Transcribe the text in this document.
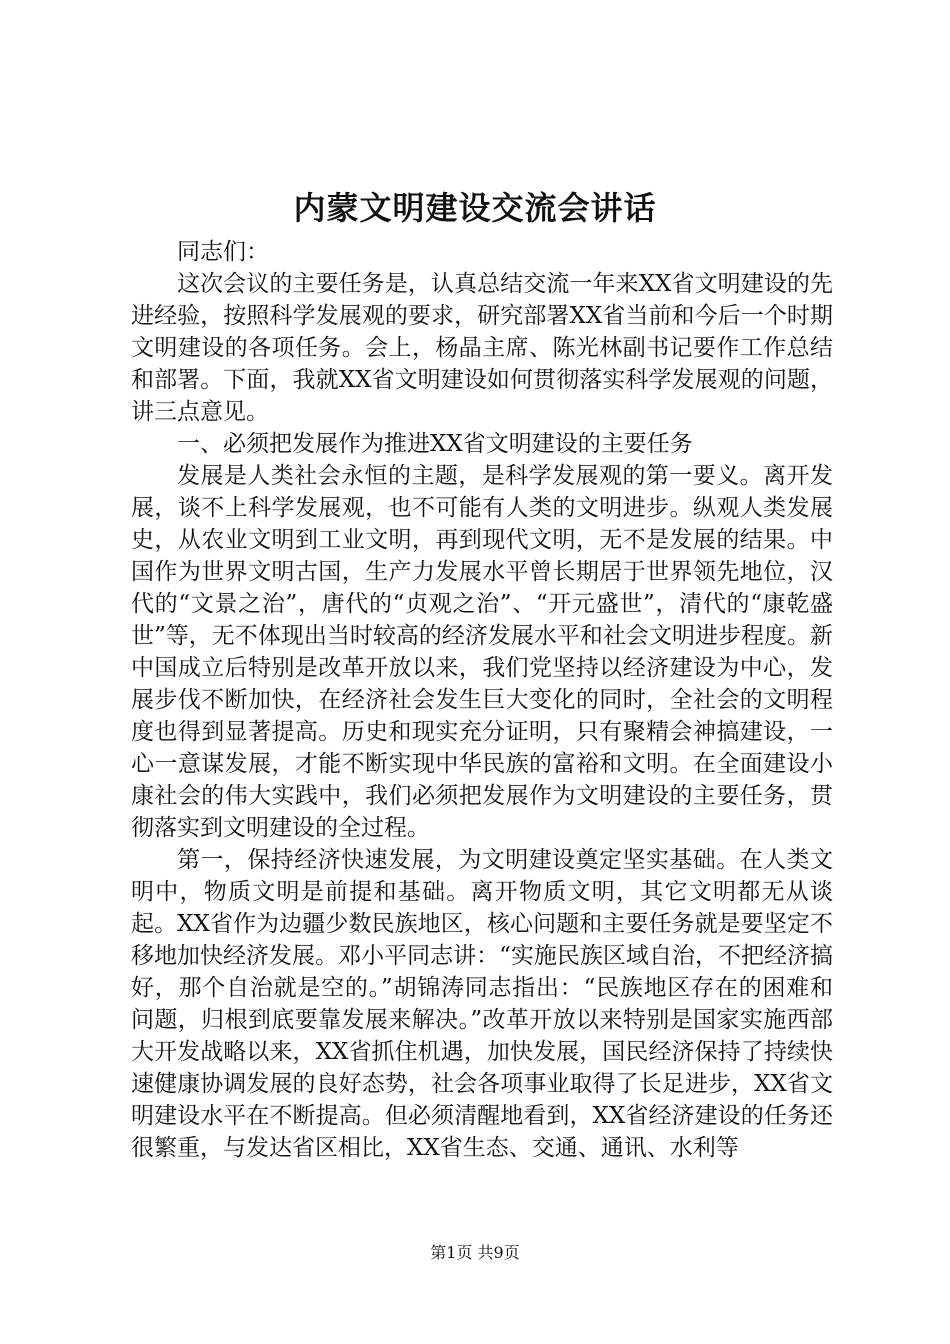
内蒙文明建设交流会讲话

同志们：

这次会议的主要任务是，认真总结交流一年来XX省文明建设的先进经验，按照科学发展观的要求，研究部署XX省当前和今后一个时期文明建设的各项任务。会上，杨晶主席、陈光林副书记要作工作总结和部署。下面，我就XX省文明建设如何贯彻落实科学发展观的问题，讲三点意见。

一、必须把发展作为推进XX省文明建设的主要任务

发展是人类社会永恒的主题，是科学发展观的第一要义。离开发展，谈不上科学发展观，也不可能有人类的文明进步。纵观人类发展史，从农业文明到工业文明，再到现代文明，无不是发展的结果。中国作为世界文明古国，生产力发展水平曾长期居于世界领先地位，汉代的“文景之治”，唐代的“贞观之治”、“开元盛世”，清代的“康乾盛世”等，无不体现出当时较高的经济发展水平和社会文明进步程度。新中国成立后特别是改革开放以来，我们党坚持以经济建设为中心，发展步伐不断加快，在经济社会发生巨大变化的同时，全社会的文明程度也得到显著提高。历史和现实充分证明，只有聚精会神搞建设，一心一意谋发展，才能不断实现中华民族的富裕和文明。在全面建设小康社会的伟大实践中，我们必须把发展作为文明建设的主要任务，贯彻落实到文明建设的全过程。

第一，保持经济快速发展，为文明建设奠定坚实基础。在人类文明中，物质文明是前提和基础。离开物质文明，其它文明都无从谈起。XX省作为边疆少数民族地区，核心问题和主要任务就是要坚定不移地加快经济发展。邓小平同志讲：“实施民族区域自治，不把经济搞好，那个自治就是空的。”胡锦涛同志指出：“民族地区存在的困难和问题，归根到底要靠发展来解决。”改革开放以来特别是国家实施西部大开发战略以来，XX省抓住机遇，加快发展，国民经济保持了持续快速健康协调发展的良好态势，社会各项事业取得了长足进步，XX省文明建设水平在不断提高。但必须清醒地看到，XX省经济建设的任务还很繁重，与发达省区相比，XX省生态、交通、通讯、水利等

第1页 共9页
